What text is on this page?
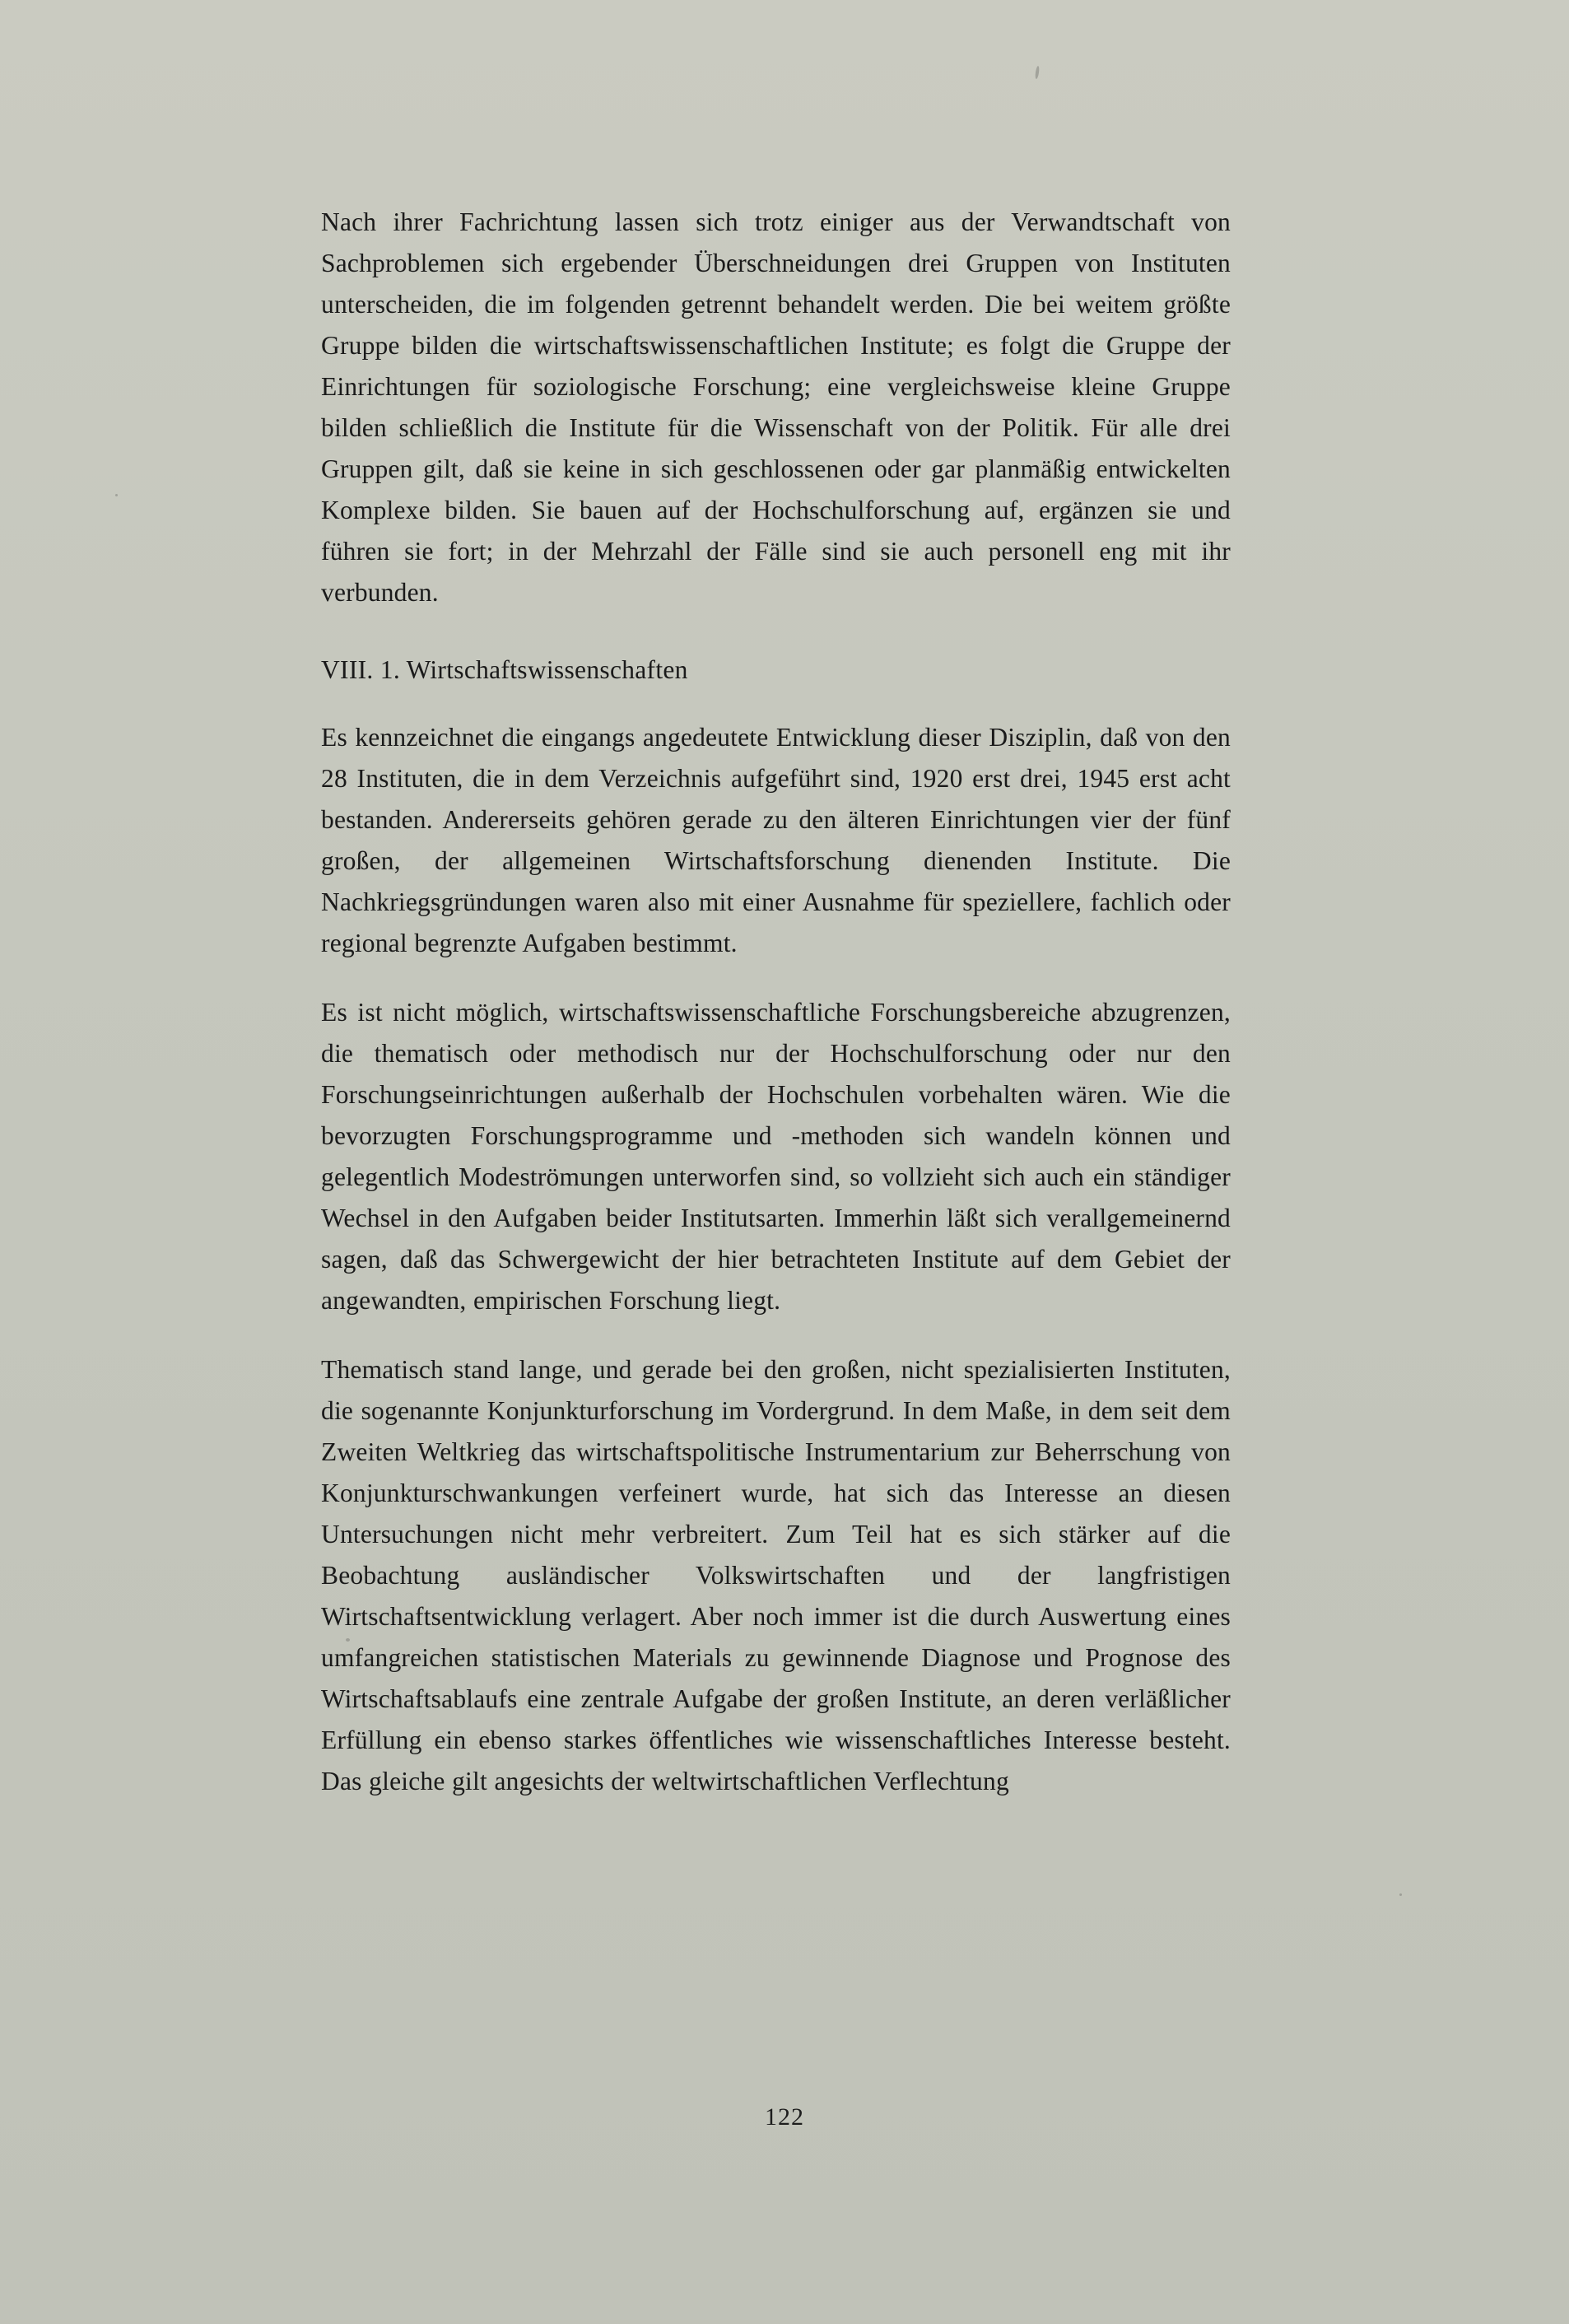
Nach ihrer Fachrichtung lassen sich trotz einiger aus der Verwandtschaft von Sachproblemen sich ergebender Überschneidungen drei Gruppen von Instituten unterscheiden, die im folgenden getrennt behandelt werden. Die bei weitem größte Gruppe bilden die wirtschaftswissenschaftlichen Institute; es folgt die Gruppe der Einrichtungen für soziologische Forschung; eine vergleichsweise kleine Gruppe bilden schließlich die Institute für die Wissenschaft von der Politik. Für alle drei Gruppen gilt, daß sie keine in sich geschlossenen oder gar planmäßig entwickelten Komplexe bilden. Sie bauen auf der Hochschulforschung auf, ergänzen sie und führen sie fort; in der Mehrzahl der Fälle sind sie auch personell eng mit ihr verbunden.

VIII. 1. Wirtschaftswissenschaften

Es kennzeichnet die eingangs angedeutete Entwicklung dieser Disziplin, daß von den 28 Instituten, die in dem Verzeichnis aufgeführt sind, 1920 erst drei, 1945 erst acht bestanden. Andererseits gehören gerade zu den älteren Einrichtungen vier der fünf großen, der allgemeinen Wirtschaftsforschung dienenden Institute. Die Nachkriegsgründungen waren also mit einer Ausnahme für speziellere, fachlich oder regional begrenzte Aufgaben bestimmt.

Es ist nicht möglich, wirtschaftswissenschaftliche Forschungsbereiche abzugrenzen, die thematisch oder methodisch nur der Hochschulforschung oder nur den Forschungseinrichtungen außerhalb der Hochschulen vorbehalten wären. Wie die bevorzugten Forschungsprogramme und -methoden sich wandeln können und gelegentlich Modeströmungen unterworfen sind, so vollzieht sich auch ein ständiger Wechsel in den Aufgaben beider Institutsarten. Immerhin läßt sich verallgemeinernd sagen, daß das Schwergewicht der hier betrachteten Institute auf dem Gebiet der angewandten, empirischen Forschung liegt.

Thematisch stand lange, und gerade bei den großen, nicht spezialisierten Instituten, die sogenannte Konjunkturforschung im Vordergrund. In dem Maße, in dem seit dem Zweiten Weltkrieg das wirtschaftspolitische Instrumentarium zur Beherrschung von Konjunkturschwankungen verfeinert wurde, hat sich das Interesse an diesen Untersuchungen nicht mehr verbreitert. Zum Teil hat es sich stärker auf die Beobachtung ausländischer Volkswirtschaften und der langfristigen Wirtschaftsentwicklung verlagert. Aber noch immer ist die durch Auswertung eines umfangreichen statistischen Materials zu gewinnende Diagnose und Prognose des Wirtschaftsablaufs eine zentrale Aufgabe der großen Institute, an deren verläßlicher Erfüllung ein ebenso starkes öffentliches wie wissenschaftliches Interesse besteht. Das gleiche gilt angesichts der weltwirtschaftlichen Verflechtung

122
